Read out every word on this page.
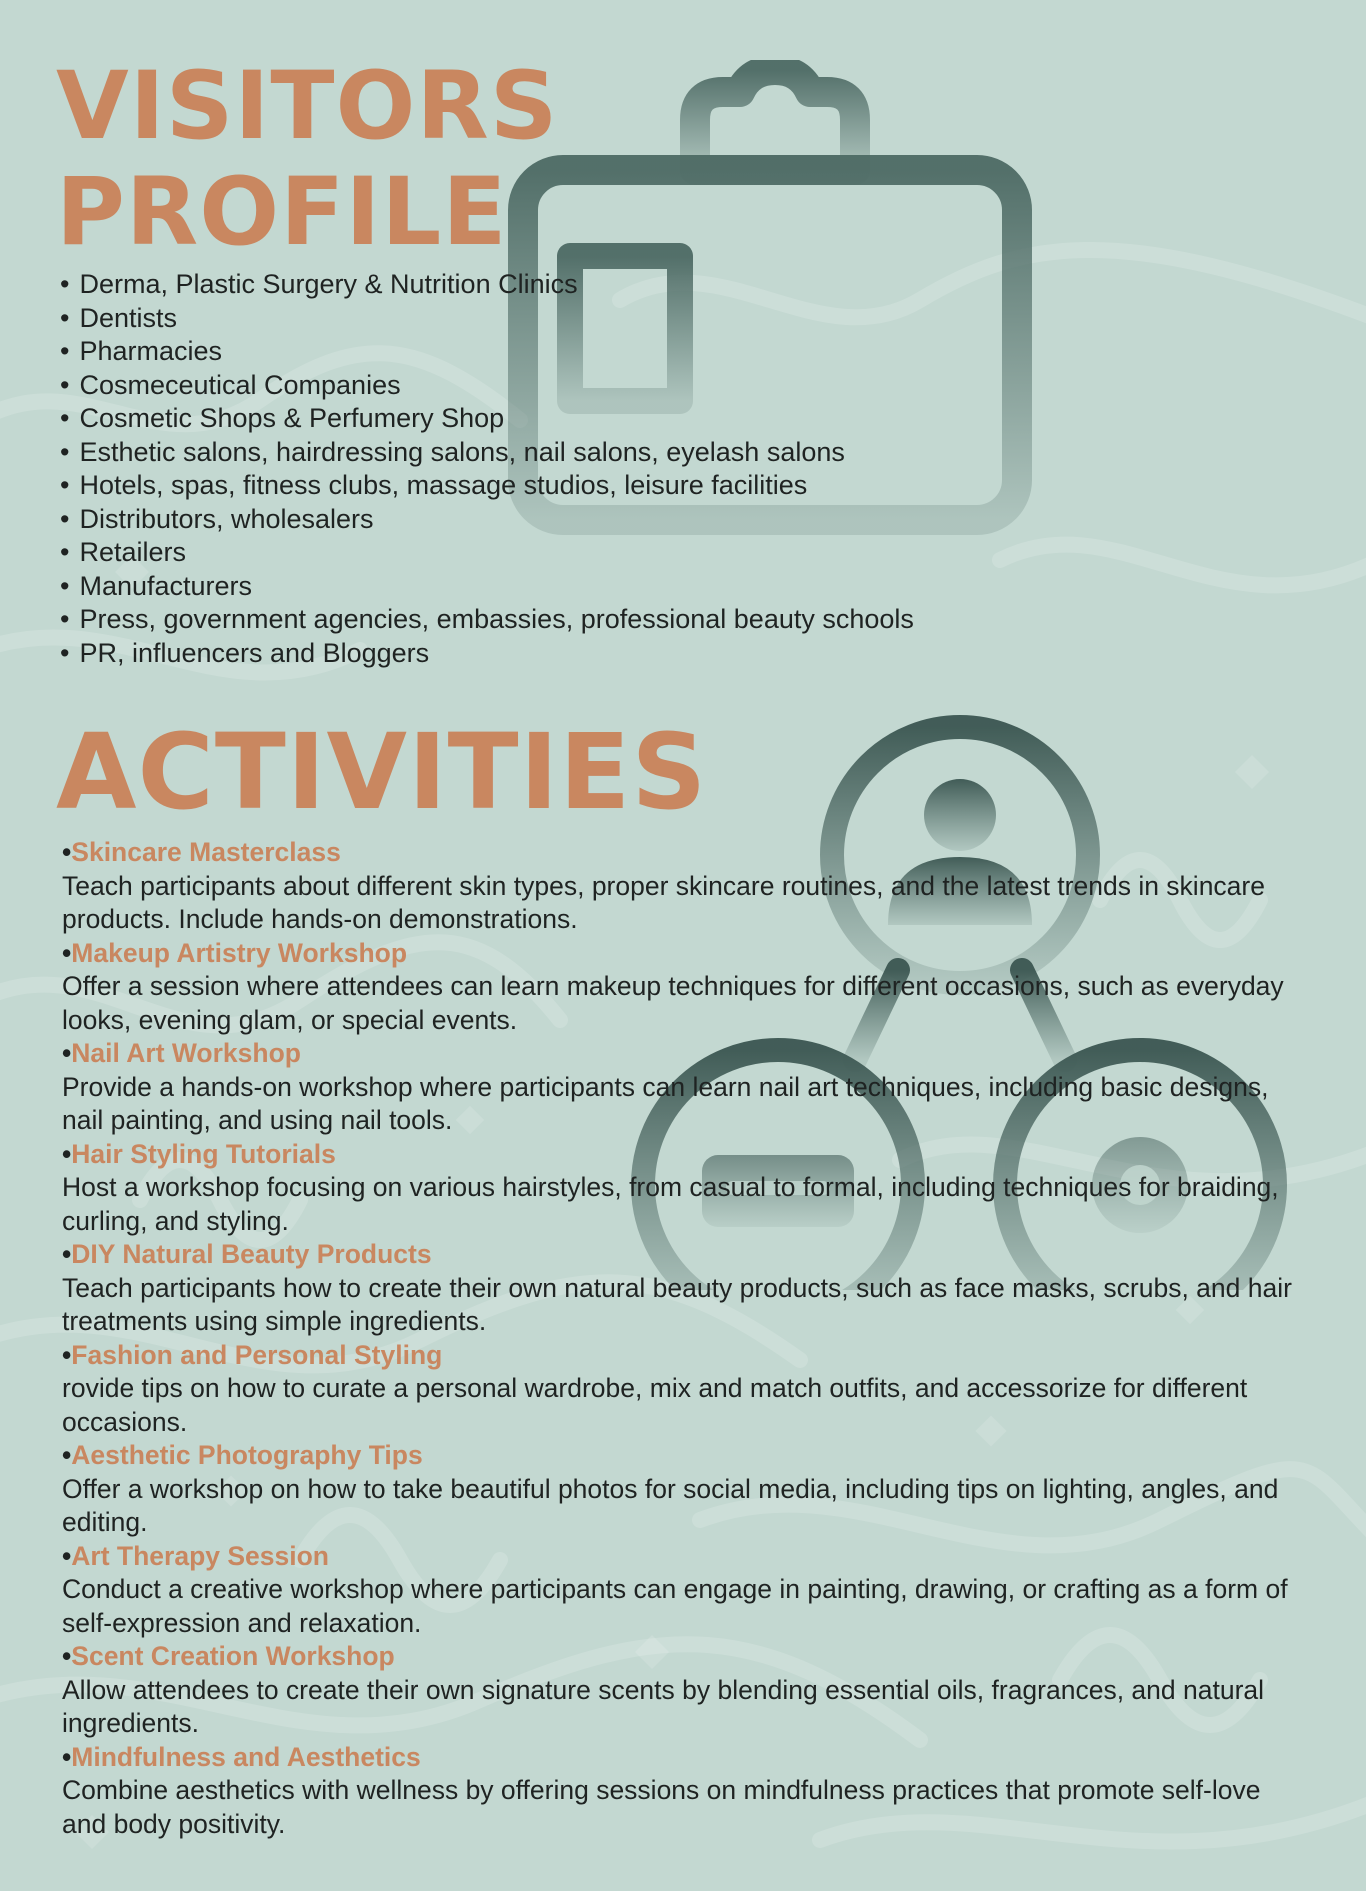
VISITORS
PROFILE
• Derma, Plastic Surgery & Nutrition Clinics
• Dentists
• Pharmacies
• Cosmeceutical Companies
• Cosmetic Shops & Perfumery Shop
• Esthetic salons, hairdressing salons, nail salons, eyelash salons
• Hotels, spas, fitness clubs, massage studios, leisure facilities
• Distributors, wholesalers
• Retailers
• Manufacturers
• Press, government agencies, embassies, professional beauty schools
• PR, influencers and Bloggers
ACTIVITIES
• Skincare Masterclass

Teach participants about different skin types, proper skincare routines, and the latest trends in skincare products. Include hands-on demonstrations.

• Makeup Artistry Workshop

Offer a session where attendees can learn makeup techniques for different occasions, such as everyday looks, evening glam, or special events.

• Nail Art Workshop

Provide a hands-on workshop where participants can learn nail art techniques, including basic designs, nail painting, and using nail tools.

• Hair Styling Tutorials

Host a workshop focusing on various hairstyles, from casual to formal, including techniques for braiding, curling, and styling.

• DIY Natural Beauty Products

Teach participants how to create their own natural beauty products, such as face masks, scrubs, and hair treatments using simple ingredients.

• Fashion and Personal Styling

rovide tips on how to curate a personal wardrobe, mix and match outfits, and accessorize for different occasions.

• Aesthetic Photography Tips

Offer a workshop on how to take beautiful photos for social media, including tips on lighting, angles, and editing.

• Art Therapy Session

Conduct a creative workshop where participants can engage in painting, drawing, or crafting as a form of self-expression and relaxation.

• Scent Creation Workshop

Allow attendees to create their own signature scents by blending essential oils, fragrances, and natural ingredients.

• Mindfulness and Aesthetics

Combine aesthetics with wellness by offering sessions on mindfulness practices that promote self-love and body positivity.
